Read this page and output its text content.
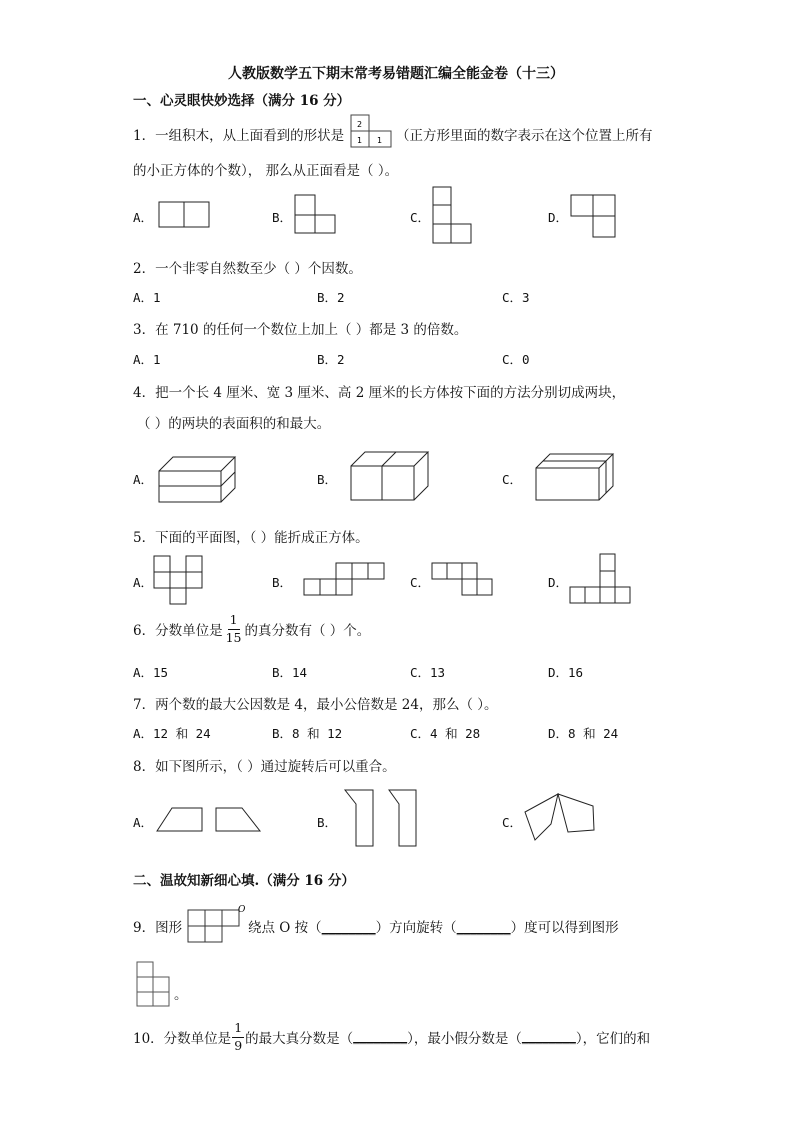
人教版数学五下期末常考易错题汇编全能金卷（十三）
一、心灵眼快妙选择（满分 16 分）
1．一组积木，从上面看到的形状是
2
1 1 （正方形里面的数字表示在这个位置上所有
的小正方体的个数）， 那么从正面看是（ ）。
A．	B．	C．	D．
2．一个非零自然数至少（ ）个因数。
A．1	B．2	C．3
3．在 710 的任何一个数位上加上（ ）都是 3 的倍数。
A．1	B．2	C．0
4．把一个长 4 厘米、宽 3 厘米、高 2 厘米的长方体按下面的方法分别切成两块，
（ ）的两块的表面积的和最大。
A．	B．	C．
5．下面的平面图，（ ）能折成正方体。
A．	B．	C．	D．
6．分数单位是 $\frac{1}{15}$ 的真分数有（ ）个。
A．15	B．14	C．13	D．16
7．两个数的最大公因数是 4，最小公倍数是 24，那么（ ）。
A．12 和 24	B．8 和 12	C．4 和 28	D．8 和 24
8．如下图所示，（ ）通过旋转后可以重合。
A．	B．	C．
二、温故知新细心填.（满分 16 分）
9．图形
O
绕点 O 按（________）方向旋转（________）度可以得到图形
。
10．分数单位是 $\frac{1}{9}$ 的最大真分数是（ ________ ），最小假分数是（ ________ ），它们的和
